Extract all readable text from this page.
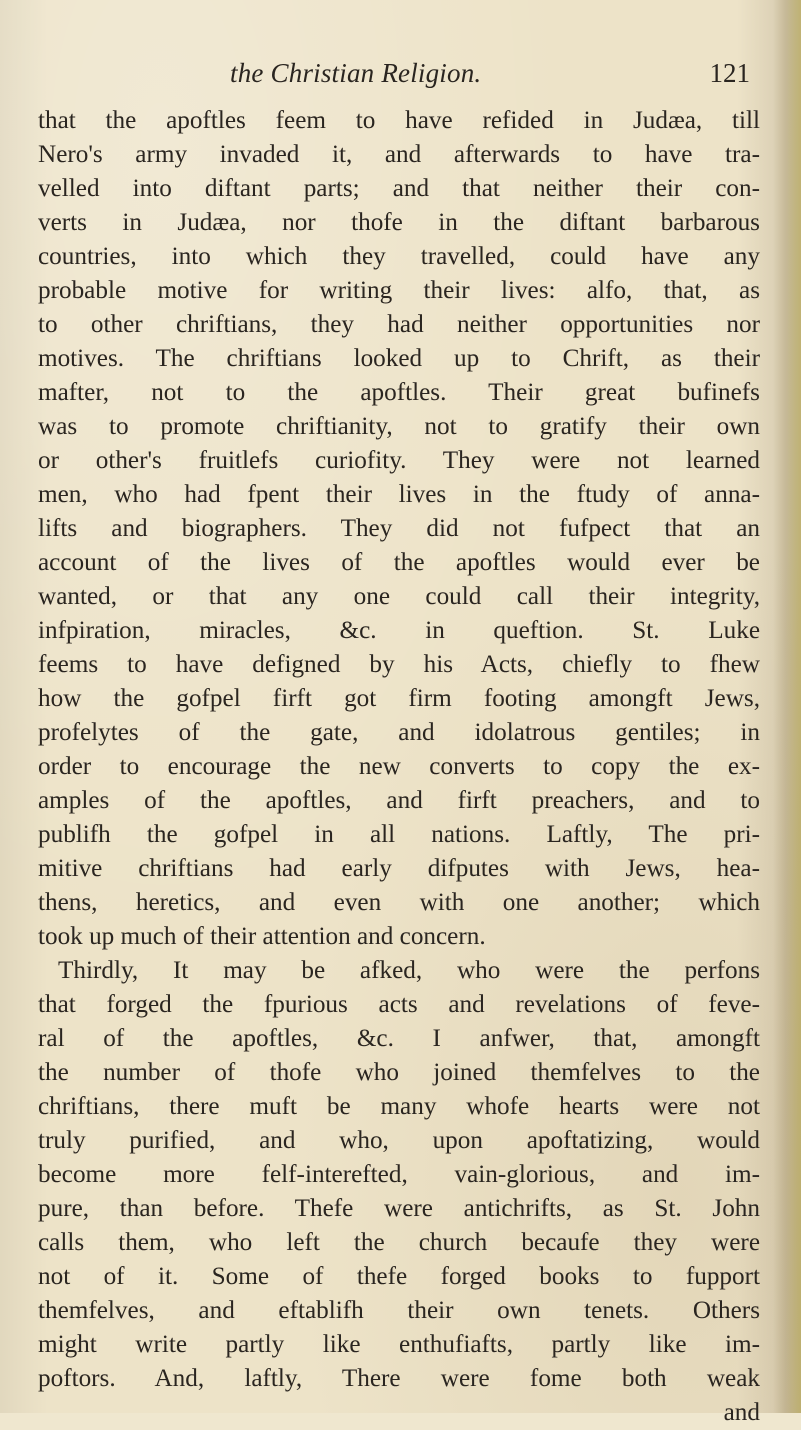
the Christian Religion.	121
that the apoftles feem to have refided in Judæa, till
Nero's army invaded it, and afterwards to have tra-
velled into diftant parts; and that neither their con-
verts in Judæa, nor thofe in the diftant barbarous
countries, into which they travelled, could have any
probable motive for writing their lives: alfo, that, as
to other chriftians, they had neither opportunities nor
motives. The chriftians looked up to Chrift, as their
mafter, not to the apoftles. Their great bufinefs
was to promote chriftianity, not to gratify their own
or other's fruitlefs curiofity. They were not learned
men, who had fpent their lives in the ftudy of anna-
lifts and biographers. They did not fufpect that an
account of the lives of the apoftles would ever be
wanted, or that any one could call their integrity,
infpiration, miracles, &c. in queftion. St. Luke
feems to have defigned by his Acts, chiefly to fhew
how the gofpel firft got firm footing amongft Jews,
profelytes of the gate, and idolatrous gentiles; in
order to encourage the new converts to copy the ex-
amples of the apoftles, and firft preachers, and to
publifh the gofpel in all nations. Laftly, The pri-
mitive chriftians had early difputes with Jews, hea-
thens, heretics, and even with one another; which
took up much of their attention and concern.
Thirdly, It may be afked, who were the perfons
that forged the fpurious acts and revelations of feve-
ral of the apoftles, &c. I anfwer, that, amongft
the number of thofe who joined themfelves to the
chriftians, there muft be many whofe hearts were not
truly purified, and who, upon apoftatizing, would
become more felf-interefted, vain-glorious, and im-
pure, than before. Thefe were antichrifts, as St. John
calls them, who left the church becaufe they were
not of it. Some of thefe forged books to fupport
themfelves, and eftablifh their own tenets. Others
might write partly like enthufiafts, partly like im-
poftors. And, laftly, There were fome both weak
and
